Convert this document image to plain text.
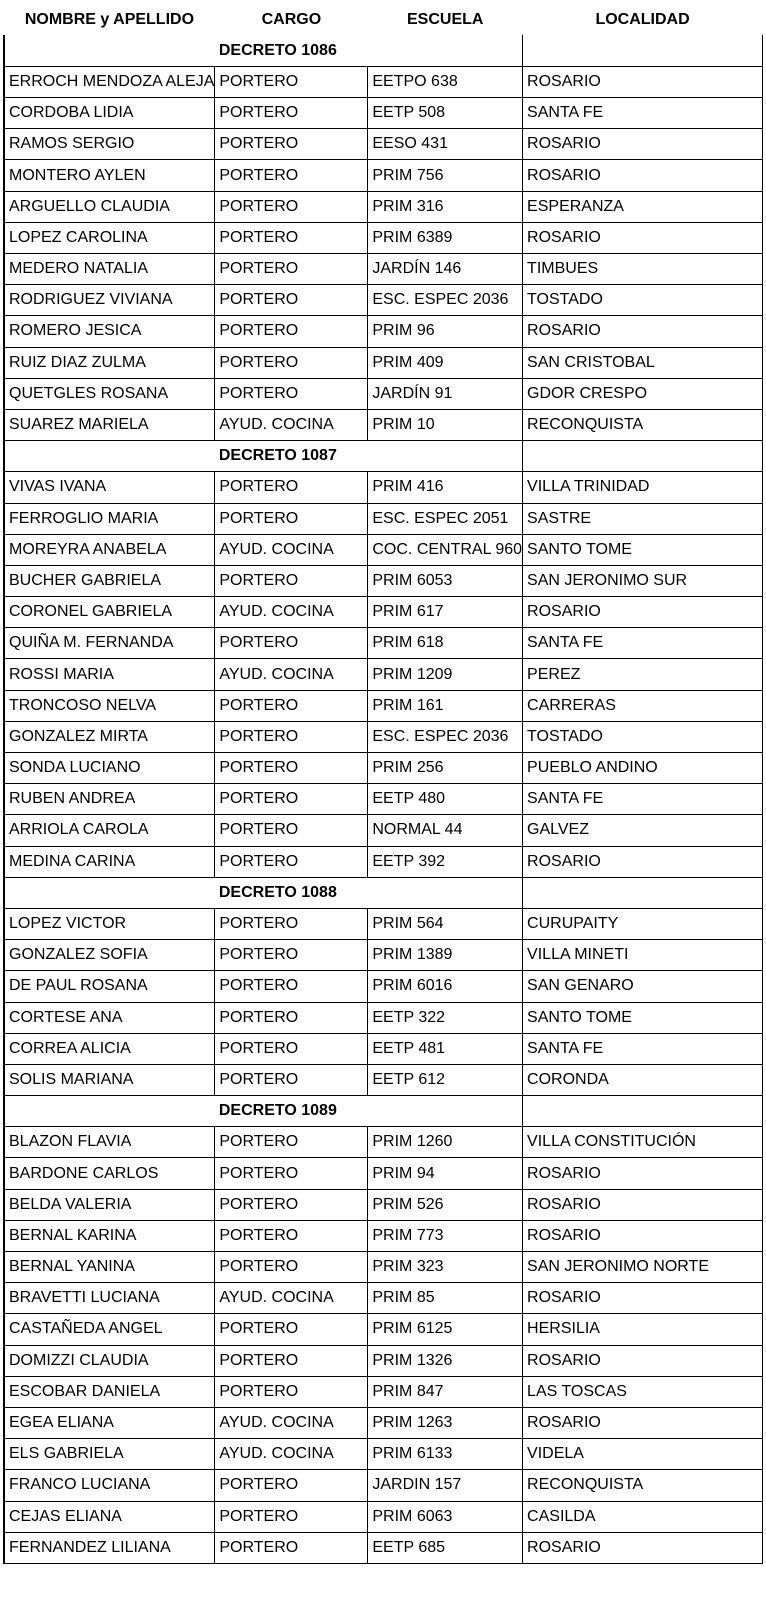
NOMBRE y APELLIDO	CARGO	ESCUELA	LOCALIDAD
	DECRETO 1086		
ERROCH MENDOZA ALEJA	PORTERO	EETPO 638	ROSARIO
CORDOBA LIDIA	PORTERO	EETP 508	SANTA FE
RAMOS SERGIO	PORTERO	EESO 431	ROSARIO
MONTERO AYLEN	PORTERO	PRIM 756	ROSARIO
ARGUELLO CLAUDIA	PORTERO	PRIM 316	ESPERANZA
LOPEZ CAROLINA	PORTERO	PRIM 6389	ROSARIO
MEDERO NATALIA	PORTERO	JARDÍN 146	TIMBUES
RODRIGUEZ VIVIANA	PORTERO	ESC. ESPEC 2036	TOSTADO
ROMERO JESICA	PORTERO	PRIM 96	ROSARIO
RUIZ DIAZ ZULMA	PORTERO	PRIM 409	SAN CRISTOBAL
QUETGLES ROSANA	PORTERO	JARDÍN 91	GDOR CRESPO
SUAREZ MARIELA	AYUD. COCINA	PRIM 10	RECONQUISTA
	DECRETO 1087		
VIVAS IVANA	PORTERO	PRIM 416	VILLA TRINIDAD
FERROGLIO MARIA	PORTERO	ESC. ESPEC 2051	SASTRE
MOREYRA ANABELA	AYUD. COCINA	COC. CENTRAL 960	SANTO TOME
BUCHER GABRIELA	PORTERO	PRIM 6053	SAN JERONIMO SUR
CORONEL GABRIELA	AYUD. COCINA	PRIM 617	ROSARIO
QUIÑA M. FERNANDA	PORTERO	PRIM 618	SANTA FE
ROSSI MARIA	AYUD. COCINA	PRIM 1209	PEREZ
TRONCOSO NELVA	PORTERO	PRIM 161	CARRERAS
GONZALEZ MIRTA	PORTERO	ESC. ESPEC 2036	TOSTADO
SONDA LUCIANO	PORTERO	PRIM 256	PUEBLO ANDINO
RUBEN ANDREA	PORTERO	EETP 480	SANTA FE
ARRIOLA CAROLA	PORTERO	NORMAL 44	GALVEZ
MEDINA CARINA	PORTERO	EETP 392	ROSARIO
	DECRETO 1088		
LOPEZ VICTOR	PORTERO	PRIM 564	CURUPAITY
GONZALEZ SOFIA	PORTERO	PRIM 1389	VILLA MINETI
DE PAUL ROSANA	PORTERO	PRIM 6016	SAN GENARO
CORTESE ANA	PORTERO	EETP 322	SANTO TOME
CORREA ALICIA	PORTERO	EETP 481	SANTA FE
SOLIS MARIANA	PORTERO	EETP 612	CORONDA
	DECRETO 1089		
BLAZON FLAVIA	PORTERO	PRIM 1260	VILLA CONSTITUCIÓN
BARDONE CARLOS	PORTERO	PRIM 94	ROSARIO
BELDA VALERIA	PORTERO	PRIM 526	ROSARIO
BERNAL KARINA	PORTERO	PRIM 773	ROSARIO
BERNAL YANINA	PORTERO	PRIM 323	SAN JERONIMO NORTE
BRAVETTI LUCIANA	AYUD. COCINA	PRIM 85	ROSARIO
CASTAÑEDA ANGEL	PORTERO	PRIM 6125	HERSILIA
DOMIZZI CLAUDIA	PORTERO	PRIM 1326	ROSARIO
ESCOBAR DANIELA	PORTERO	PRIM 847	LAS TOSCAS
EGEA ELIANA	AYUD. COCINA	PRIM 1263	ROSARIO
ELS GABRIELA	AYUD. COCINA	PRIM 6133	VIDELA
FRANCO LUCIANA	PORTERO	JARDIN 157	RECONQUISTA
CEJAS ELIANA	PORTERO	PRIM 6063	CASILDA
FERNANDEZ LILIANA	PORTERO	EETP 685	ROSARIO
